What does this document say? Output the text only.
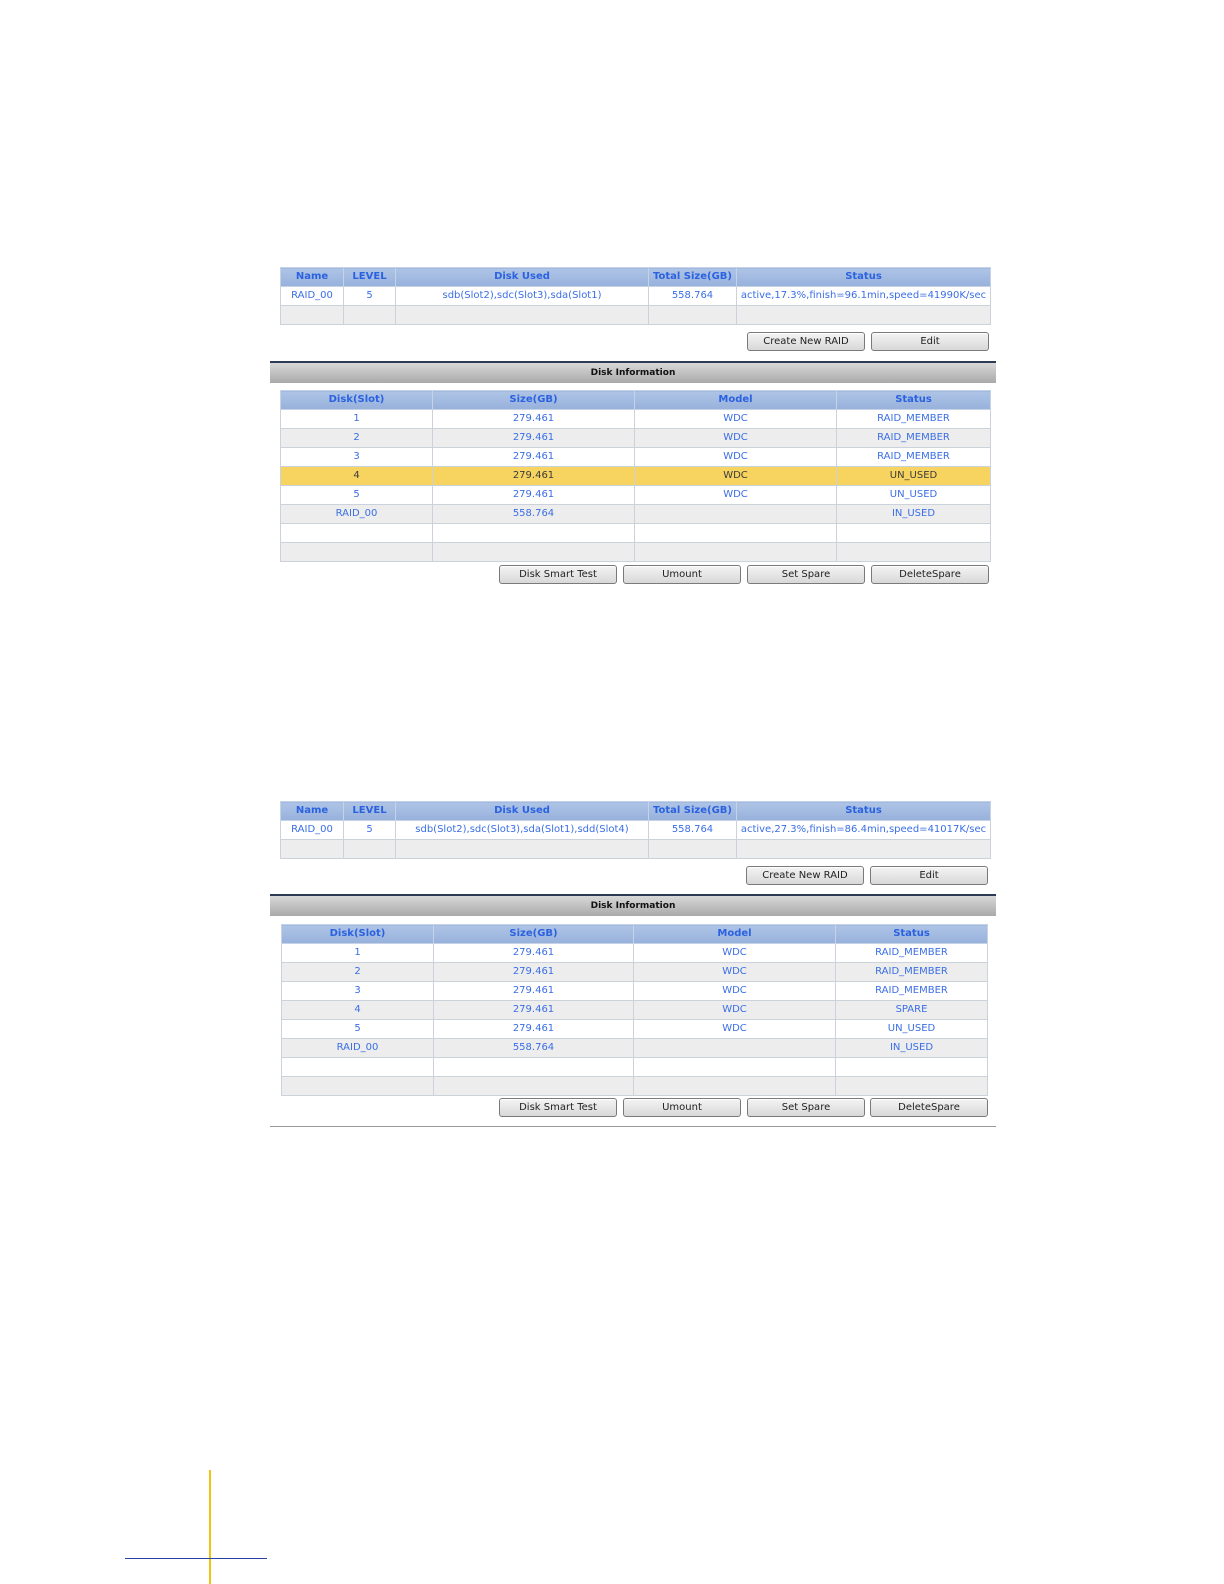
Name	LEVEL	Disk Used	Total Size(GB)	Status
RAID_00	5	sdb(Slot2),sdc(Slot3),sda(Slot1)	558.764	active,17.3%,finish=96.1min,speed=41990K/sec

Create New RAID	Edit
Disk Information
Disk(Slot)	Size(GB)	Model	Status
1	279.461	WDC	RAID_MEMBER
2	279.461	WDC	RAID_MEMBER
3	279.461	WDC	RAID_MEMBER
4	279.461	WDC	UN_USED
5	279.461	WDC	UN_USED
RAID_00	558.764		IN_USED

Disk Smart Test	Umount	Set Spare	DeleteSpare
Name	LEVEL	Disk Used	Total Size(GB)	Status
RAID_00	5	sdb(Slot2),sdc(Slot3),sda(Slot1),sdd(Slot4)	558.764	active,27.3%,finish=86.4min,speed=41017K/sec

Create New RAID	Edit
Disk Information
Disk(Slot)	Size(GB)	Model	Status
1	279.461	WDC	RAID_MEMBER
2	279.461	WDC	RAID_MEMBER
3	279.461	WDC	RAID_MEMBER
4	279.461	WDC	SPARE
5	279.461	WDC	UN_USED
RAID_00	558.764		IN_USED

Disk Smart Test	Umount	Set Spare	DeleteSpare
